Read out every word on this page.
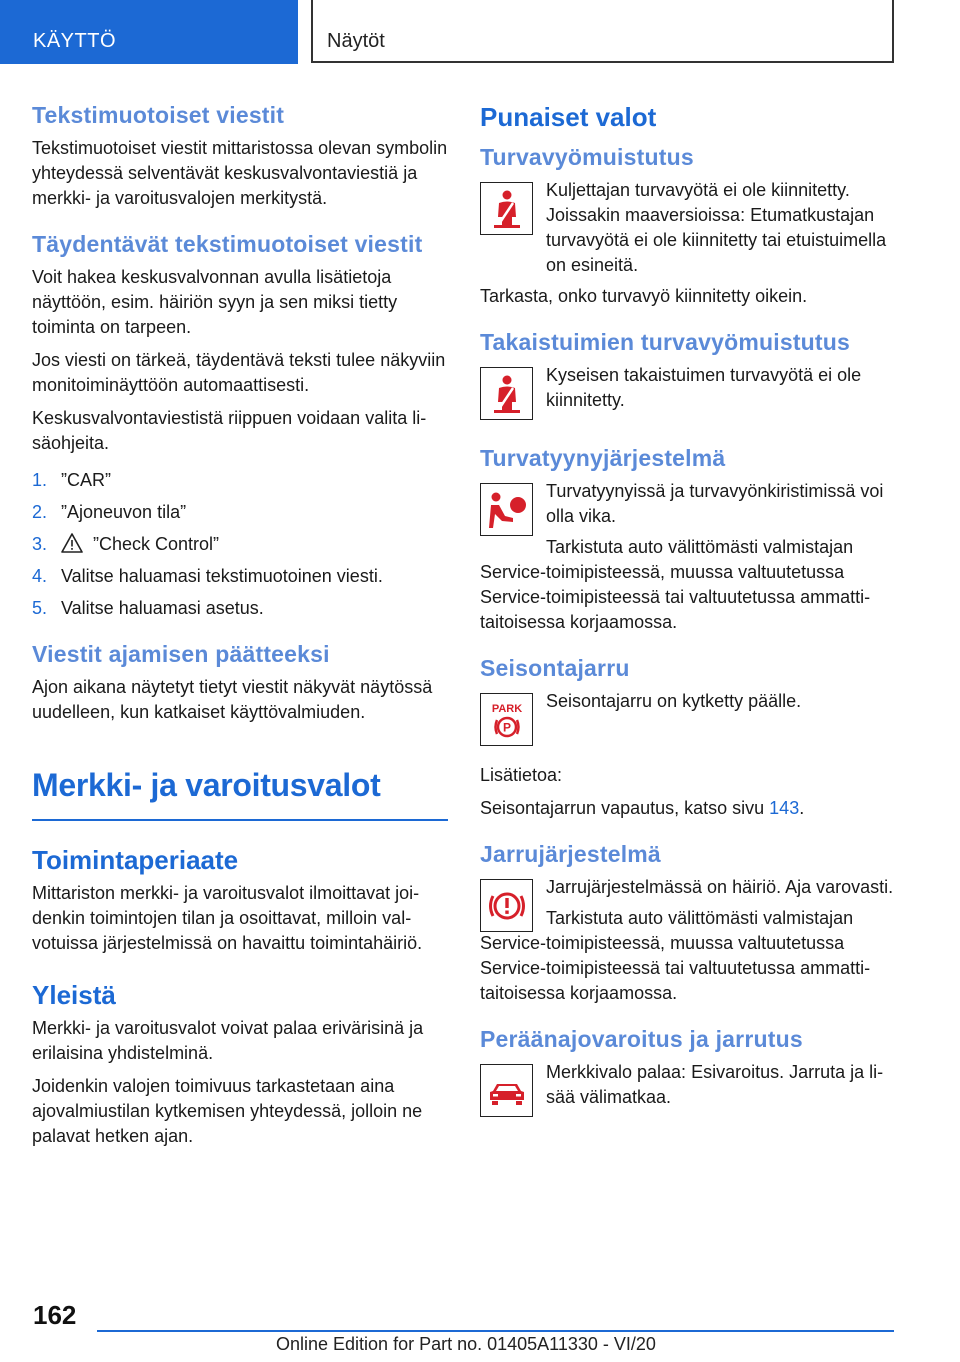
KÄYTTÖ	Näytöt
Tekstimuotoiset viestit

Tekstimuotoiset viestit mittaristossa olevan symbolin yhteydessä selventävät keskusvalvontaviestiä ja merkki- ja varoitusvalojen merkitystä.

Täydentävät tekstimuotoiset viestit

Voit hakea keskusvalvonnan avulla lisätietoja näyttöön, esim. häiriön syyn ja sen miksi tietty toiminta on tarpeen.

Jos viesti on tärkeä, täydentävä teksti tulee näkyviin monitoiminäyttöön automaattisesti.

Keskusvalvontaviestistä riippuen voidaan valita lisäohjeita.

1. ”CAR”
2. ”Ajoneuvon tila”
3.	”Check Control”
4. Valitse haluamasi tekstimuotoinen viesti.
5. Valitse haluamasi asetus.
Viestit ajamisen päätteeksi

Ajon aikana näytetyt tietyt viestit näkyvät näytössä uudelleen, kun katkaiset käyttövalmiuden.

Merkki- ja varoitusvalot
Toimintaperiaate

Mittariston merkki- ja varoitusvalot ilmoittavat joidenkin toimintojen tilan ja osoittavat, milloin valvotuissa järjestelmissä on havaittu toimintahäiriö.

Yleistä

Merkki- ja varoitusvalot voivat palaa erivärisinä ja erilaisina yhdistelminä.

Joidenkin valojen toimivuus tarkastetaan aina ajovalmiustilan kytkemisen yhteydessä, jolloin ne palavat hetken ajan.

Punaiset valot
Turvavyömuistutus

Kuljettajan turvavyötä ei ole kiinnitetty. Joissakin maaversioissa: Etumatkustajan turvavyötä ei ole kiinnitetty tai etuistuimella on esineitä.

Tarkasta, onko turvavyö kiinnitetty oikein.

Takaistuimien turvavyömuistutus

Kyseisen takaistuimen turvavyötä ei ole kiinnitetty.

Turvatyynyjärjestelmä

Turvatyynyissä ja turvavyönkiristimissä voi olla vika.

Tarkistuta auto välittömästi valmistajan Service-toimipisteessä, muussa valtuutetussa Service-toimipisteessä tai valtuutetussa ammattitaitoisessa korjaamossa.

Seisontajarru
PARK
P

Seisontajarru on kytketty päälle.

Lisätietoa:

Seisontajarrun vapautus, katso sivu 143.

Jarrujärjestelmä

Jarrujärjestelmässä on häiriö. Aja varovasti.

Tarkistuta auto välittömästi valmistajan Service-toimipisteessä, muussa valtuutetussa Service-toimipisteessä tai valtuutetussa ammattitaitoisessa korjaamossa.

Peräänajovaroitus ja jarrutus

Merkkivalo palaa: Esivaroitus. Jarruta ja lisää välimatkaa.

162
Online Edition for Part no. 01405A11330 - VI/20
